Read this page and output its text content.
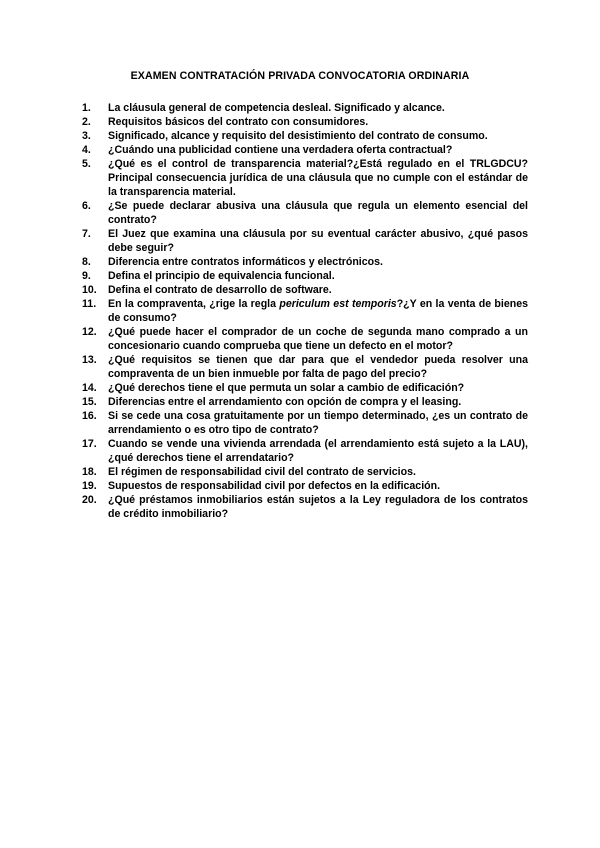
EXAMEN CONTRATACIÓN PRIVADA CONVOCATORIA ORDINARIA
1. La cláusula general de competencia desleal. Significado y alcance.
2. Requisitos básicos del contrato con consumidores.
3. Significado, alcance y requisito del desistimiento del contrato de consumo.
4. ¿Cuándo una publicidad contiene una verdadera oferta contractual?
5. ¿Qué es el control de transparencia material?¿Está regulado en el TRLGDCU? Principal consecuencia jurídica de una cláusula que no cumple con el estándar de la transparencia material.
6. ¿Se puede declarar abusiva una cláusula que regula un elemento esencial del contrato?
7. El Juez que examina una cláusula por su eventual carácter abusivo, ¿qué pasos debe seguir?
8. Diferencia entre contratos informáticos y electrónicos.
9. Defina el principio de equivalencia funcional.
10. Defina el contrato de desarrollo de software.
11. En la compraventa, ¿rige la regla periculum est temporis?¿Y en la venta de bienes de consumo?
12. ¿Qué puede hacer el comprador de un coche de segunda mano comprado a un concesionario cuando comprueba que tiene un defecto en el motor?
13. ¿Qué requisitos se tienen que dar para que el vendedor pueda resolver una compraventa de un bien inmueble por falta de pago del precio?
14. ¿Qué derechos tiene el que permuta un solar a cambio de edificación?
15. Diferencias entre el arrendamiento con opción de compra y el leasing.
16. Si se cede una cosa gratuitamente por un tiempo determinado, ¿es un contrato de arrendamiento o es otro tipo de contrato?
17. Cuando se vende una vivienda arrendada (el arrendamiento está sujeto a la LAU), ¿qué derechos tiene el arrendatario?
18. El régimen de responsabilidad civil del contrato de servicios.
19. Supuestos de responsabilidad civil por defectos en la edificación.
20. ¿Qué préstamos inmobiliarios están sujetos a la Ley reguladora de los contratos de crédito inmobiliario?
